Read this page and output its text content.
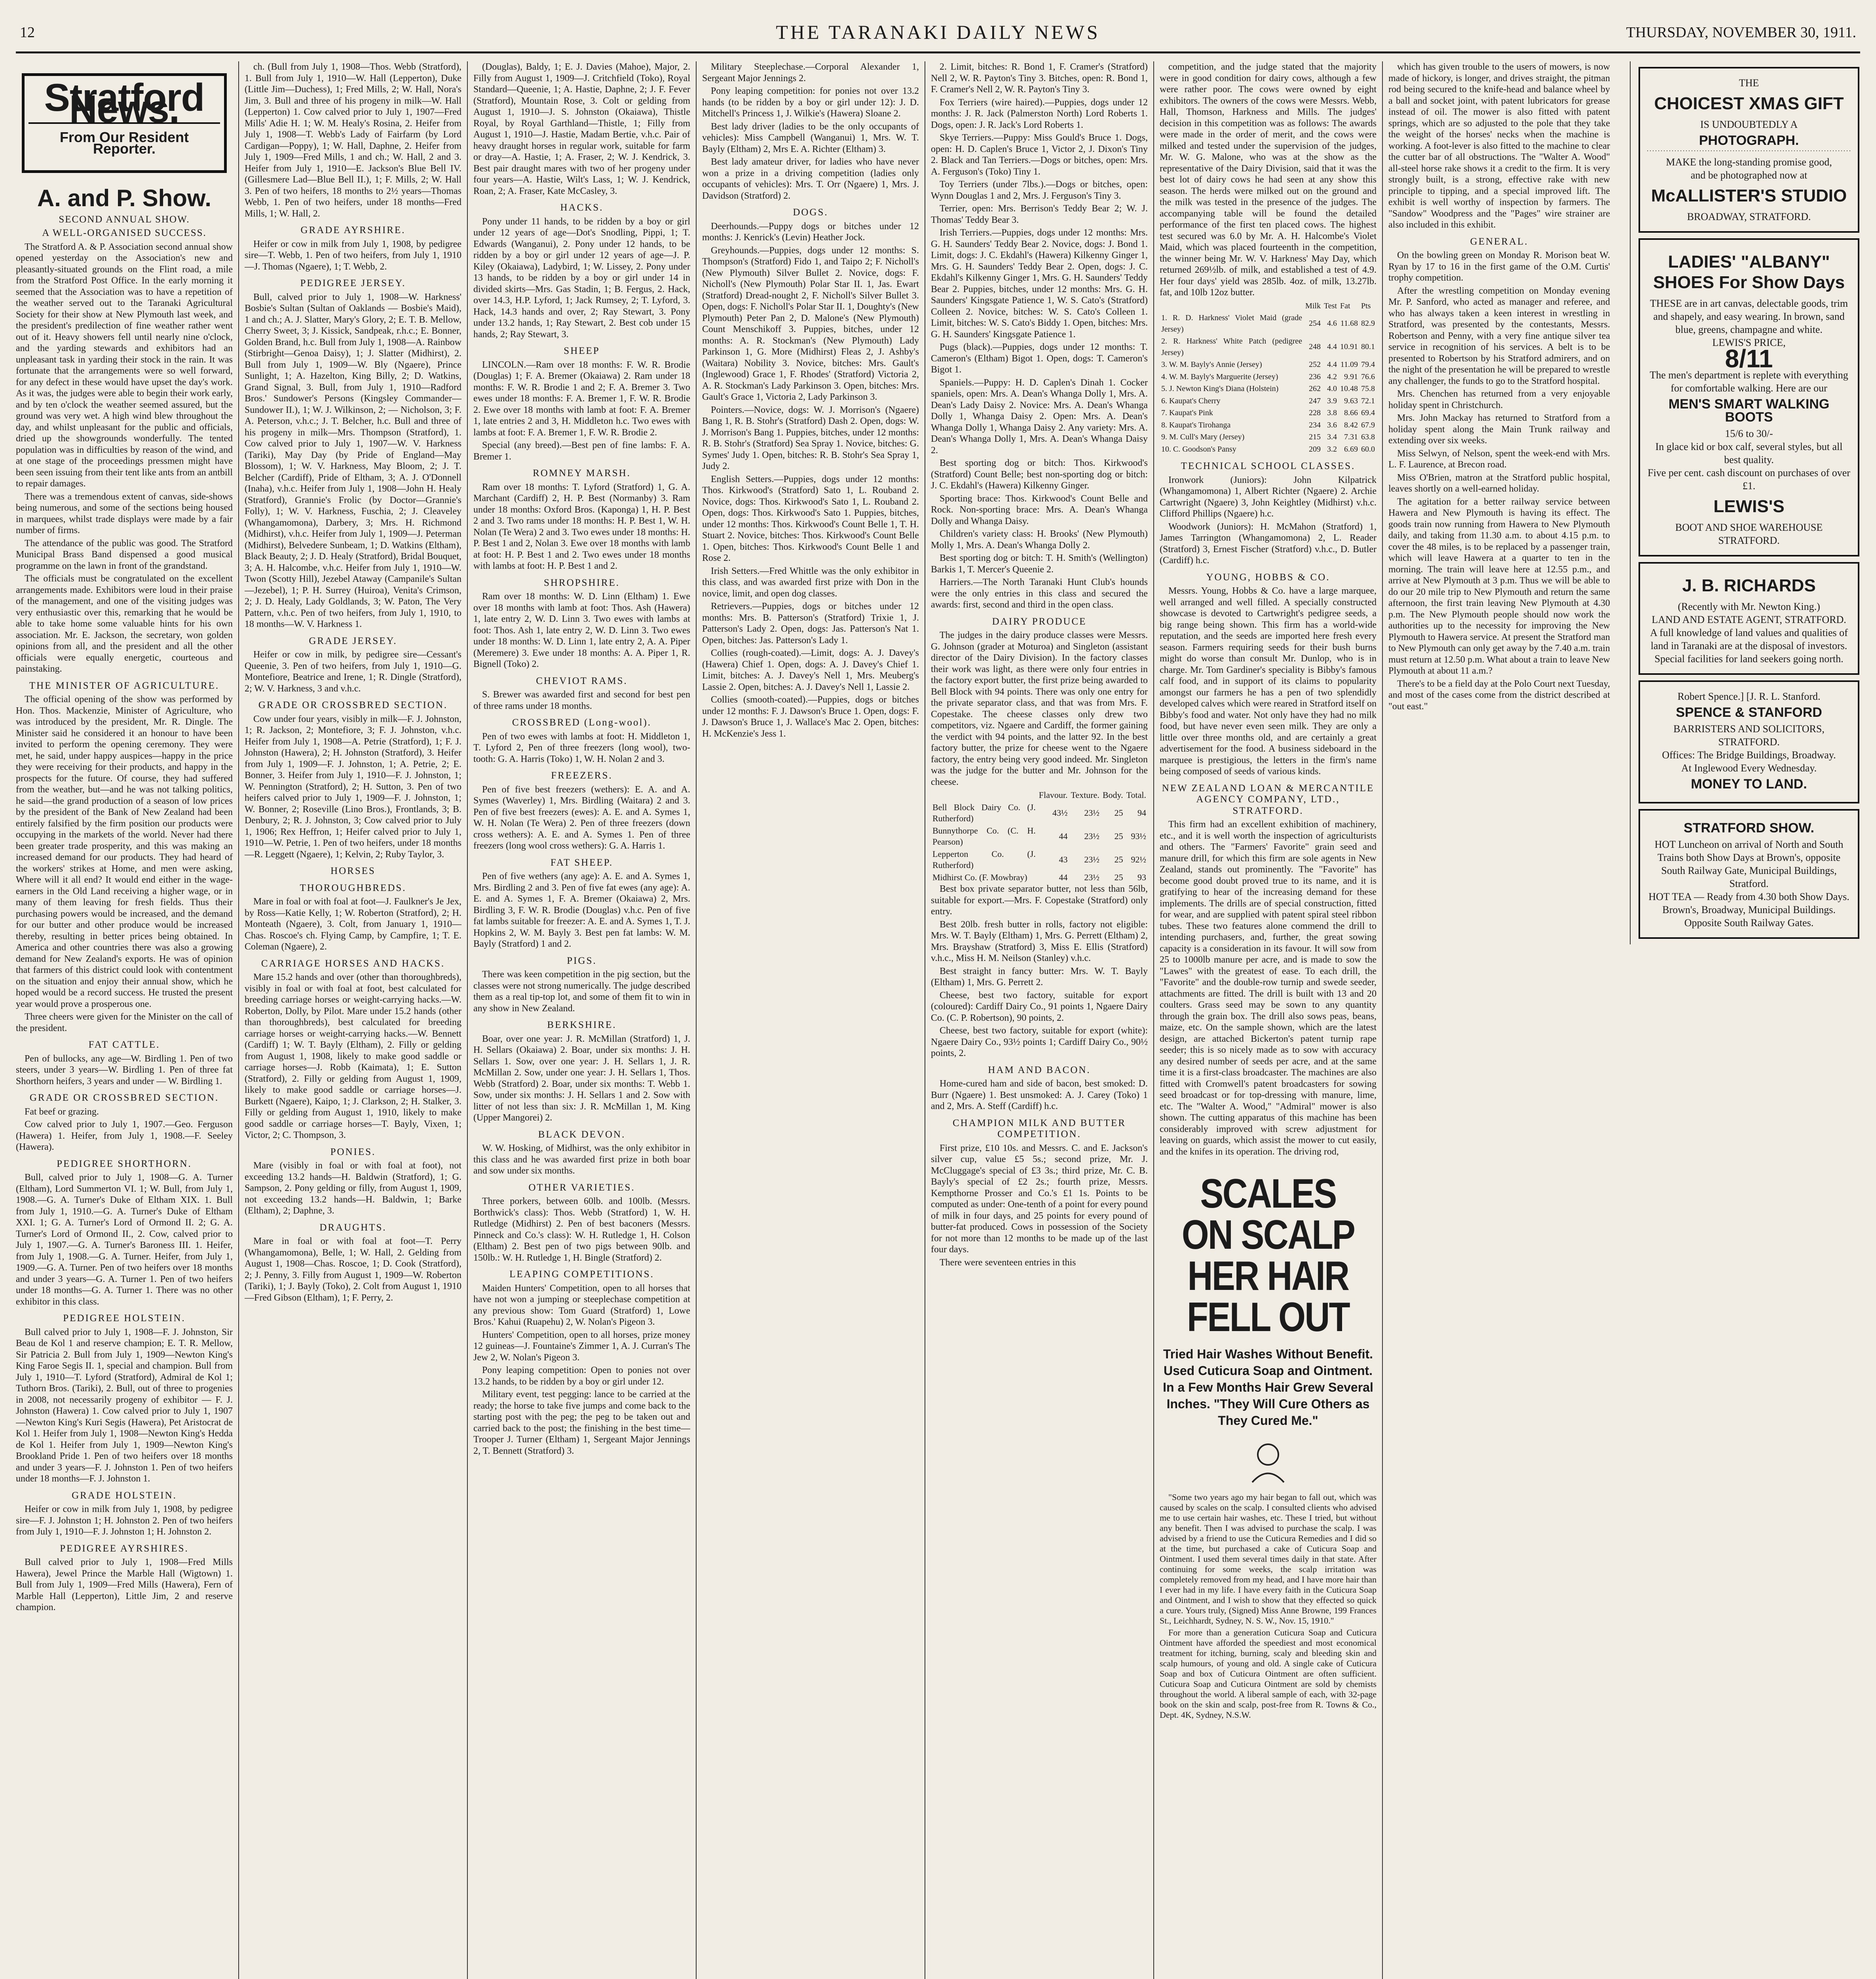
12	THE TARANAKI DAILY NEWS	THURSDAY, NOVEMBER 30, 1911.
Stratford News.
From Our Resident Reporter.
A. and P. Show.
SECOND ANNUAL SHOW.
A WELL-ORGANISED SUCCESS.

The Stratford A. & P. Association second annual show opened yesterday on the Association's new and pleasantly-situated grounds on the Flint road, a mile from the Stratford Post Office. In the early morning it seemed that the Association was to have a repetition of the weather served out to the Taranaki Agricultural Society for their show at New Plymouth last week, and the president's predilection of fine weather rather went out of it. Heavy showers fell until nearly nine o'clock, and the yarding stewards and exhibitors had an unpleasant task in yarding their stock in the rain. It was fortunate that the arrangements were so well forward, for any defect in these would have upset the day's work. As it was, the judges were able to begin their work early, and by ten o'clock the weather seemed assured, but the ground was very wet. A high wind blew throughout the day, and whilst unpleasant for the public and officials, dried up the showgrounds wonderfully. The tented population was in difficulties by reason of the wind, and at one stage of the proceedings pressmen might have been seen issuing from their tent like ants from an antbill to repair damages.

There was a tremendous extent of canvas, side-shows being numerous, and some of the sections being housed in marquees, whilst trade displays were made by a fair number of firms.

The attendance of the public was good. The Stratford Municipal Brass Band dispensed a good musical programme on the lawn in front of the grandstand.

The officials must be congratulated on the excellent arrangements made. Exhibitors were loud in their praise of the management, and one of the visiting judges was very enthusiastic over this, remarking that he would be able to take home some valuable hints for his own association. Mr. E. Jackson, the secretary, won golden opinions from all, and the president and all the other officials were equally energetic, courteous and painstaking.

THE MINISTER OF AGRICULTURE.

The official opening of the show was performed by Hon. Thos. Mackenzie, Minister of Agriculture, who was introduced by the president, Mr. R. Dingle. The Minister said he considered it an honour to have been invited to perform the opening ceremony. They were met, he said, under happy auspices—happy in the price they were receiving for their products, and happy in the prospects for the future. Of course, they had suffered from the weather, but—and he was not talking politics, he said—the grand production of a season of low prices by the president of the Bank of New Zealand had been entirely falsified by the firm position our products were occupying in the markets of the world. Never had there been greater trade prosperity, and this was making an increased demand for our products. They had heard of the workers' strikes at Home, and men were asking, Where will it all end? It would end either in the wage-earners in the Old Land receiving a higher wage, or in many of them leaving for fresh fields. Thus their purchasing powers would be increased, and the demand for our butter and other produce would be increased thereby, resulting in better prices being obtained. In America and other countries there was also a growing demand for New Zealand's exports. He was of opinion that farmers of this district could look with contentment on the situation and enjoy their annual show, which he hoped would be a record success. He trusted the present year would prove a prosperous one.

Three cheers were given for the Minister on the call of the president.

FAT CATTLE.

Pen of bullocks, any age—W. Birdling 1. Pen of two steers, under 3 years—W. Birdling 1. Pen of three fat Shorthorn heifers, 3 years and under — W. Birdling 1.

GRADE OR CROSSBRED SECTION.

Fat beef or grazing.

Cow calved prior to July 1, 1907.—Geo. Ferguson (Hawera) 1. Heifer, from July 1, 1908.—F. Seeley (Hawera).

PEDIGREE SHORTHORN.

Bull, calved prior to July 1, 1908—G. A. Turner (Eltham), Lord Summerton VI. 1; W. Bull, from July 1, 1908.—G. A. Turner's Duke of Eltham XIX. 1. Bull from July 1, 1910.—G. A. Turner's Duke of Eltham XXI. 1; G. A. Turner's Lord of Ormond II. 2; G. A. Turner's Lord of Ormond II., 2. Cow, calved prior to July 1, 1907.—G. A. Turner's Baroness III. 1. Heifer, from July 1, 1908.—G. A. Turner. Heifer, from July 1, 1909.—G. A. Turner. Pen of two heifers over 18 months and under 3 years—G. A. Turner 1. Pen of two heifers under 18 months—G. A. Turner 1. There was no other exhibitor in this class.

PEDIGREE HOLSTEIN.

Bull calved prior to July 1, 1908—F. J. Johnston, Sir Beau de Kol 1 and reserve champion; E. T. R. Mellow, Sir Patricia 2. Bull from July 1, 1909—Newton King's King Faroe Segis II. 1, special and champion. Bull from July 1, 1910—T. Lyford (Stratford), Admiral de Kol 1; Tuthorn Bros. (Tariki), 2. Bull, out of three to progenies in 2008, not necessarily progeny of exhibitor — F. J. Johnston (Hawera) 1. Cow calved prior to July 1, 1907—Newton King's Kuri Segis (Hawera), Pet Aristocrat de Kol 1. Heifer from July 1, 1908—Newton King's Hedda de Kol 1. Heifer from July 1, 1909—Newton King's Brookland Pride 1. Pen of two heifers over 18 months and under 3 years—F. J. Johnston 1. Pen of two heifers under 18 months—F. J. Johnston 1.

GRADE HOLSTEIN.

Heifer or cow in milk from July 1, 1908, by pedigree sire—F. J. Johnston 1; H. Johnston 2. Pen of two heifers from July 1, 1910—F. J. Johnston 1; H. Johnston 2.

PEDIGREE AYRSHIRES.

Bull calved prior to July 1, 1908—Fred Mills Hawera), Jewel Prince the Marble Hall (Wigtown) 1. Bull from July 1, 1909—Fred Mills (Hawera), Fern of Marble Hall (Lepperton), Little Jim, 2 and reserve champion.

ch. (Bull from July 1, 1908—Thos. Webb (Stratford), 1. Bull from July 1, 1910—W. Hall (Lepperton), Duke (Little Jim—Duchess), 1; Fred Mills, 2; W. Hall, Nora's Jim, 3. Bull and three of his progeny in milk—W. Hall (Lepperton) 1. Cow calved prior to July 1, 1907—Fred Mills' Adie H. 1; W. M. Healy's Rosina, 2. Heifer from July 1, 1908—T. Webb's Lady of Fairfarm (by Lord Cardigan—Poppy), 1; W. Hall, Daphne, 2. Heifer from July 1, 1909—Fred Mills, 1 and ch.; W. Hall, 2 and 3. Heifer from July 1, 1910—E. Jackson's Blue Bell IV. (Gillesmere Lad—Blue Bell II.), 1; F. Mills, 2; W. Hall 3. Pen of two heifers, 18 months to 2½ years—Thomas Webb, 1. Pen of two heifers, under 18 months—Fred Mills, 1; W. Hall, 2.

GRADE AYRSHIRE.

Heifer or cow in milk from July 1, 1908, by pedigree sire—T. Webb, 1. Pen of two heifers, from July 1, 1910—J. Thomas (Ngaere), 1; T. Webb, 2.

PEDIGREE JERSEY.

Bull, calved prior to July 1, 1908—W. Harkness' Bosbie's Sultan (Sultan of Oaklands — Bosbie's Maid), 1 and ch.; A. J. Slatter, Mary's Glory, 2; E. T. B. Mellow, Cherry Sweet, 3; J. Kissick, Sandpeak, r.h.c.; E. Bonner, Golden Brand, h.c. Bull from July 1, 1908—A. Rainbow (Stirbright—Genoa Daisy), 1; J. Slatter (Midhirst), 2. Bull from July 1, 1909—W. Bly (Ngaere), Prince Sunlight, 1; A. Hazelton, King Billy, 2; D. Watkins, Grand Signal, 3. Bull, from July 1, 1910—Radford Bros.' Sundower's Persons (Kingsley Commander—Sundower II.), 1; W. J. Wilkinson, 2; — Nicholson, 3; F. A. Peterson, v.h.c.; J. T. Belcher, h.c. Bull and three of his progeny in milk—Mrs. Thompson (Stratford), 1. Cow calved prior to July 1, 1907—W. V. Harkness (Tariki), May Day (by Pride of England—May Blossom), 1; W. V. Harkness, May Bloom, 2; J. T. Belcher (Cardiff), Pride of Eltham, 3; A. J. O'Donnell (Inaha), v.h.c. Heifer from July 1, 1908—John H. Healy (Stratford), Grannie's Frolic (by Doctor—Grannie's Folly), 1; W. V. Harkness, Fuschia, 2; J. Cleaveley (Whangamomona), Darbery, 3; Mrs. H. Richmond (Midhirst), v.h.c. Heifer from July 1, 1909—J. Peterman (Midhirst), Belvedere Sunbeam, 1; D. Watkins (Eltham), Black Beauty, 2; J. D. Healy (Stratford), Bridal Bouquet, 3; A. H. Halcombe, v.h.c. Heifer from July 1, 1910—W. Twon (Scotty Hill), Jezebel Ataway (Campanile's Sultan—Jezebel), 1; P. H. Surrey (Huiroa), Venita's Crimson, 2; J. D. Healy, Lady Goldlands, 3; W. Paton, The Very Pattern, v.h.c. Pen of two heifers, from July 1, 1910, to 18 months—W. V. Harkness 1.

GRADE JERSEY.

Heifer or cow in milk, by pedigree sire—Cessant's Queenie, 3. Pen of two heifers, from July 1, 1910—G. Montefiore, Beatrice and Irene, 1; R. Dingle (Stratford), 2; W. V. Harkness, 3 and v.h.c.

GRADE OR CROSSBRED SECTION.

Cow under four years, visibly in milk—F. J. Johnston, 1; R. Jackson, 2; Montefiore, 3; F. J. Johnston, v.h.c. Heifer from July 1, 1908—A. Petrie (Stratford), 1; F. J. Johnston (Hawera), 2; H. Johnston (Stratford), 3. Heifer from July 1, 1909—F. J. Johnston, 1; A. Petrie, 2; E. Bonner, 3. Heifer from July 1, 1910—F. J. Johnston, 1; W. Pennington (Stratford), 2; H. Sutton, 3. Pen of two heifers calved prior to July 1, 1909—F. J. Johnston, 1; W. Bonner, 2; Roseville (Lino Bros.), Frontlands, 3; B. Denbury, 2; R. J. Johnston, 3; Cow calved prior to July 1, 1906; Rex Heffron, 1; Heifer calved prior to July 1, 1910—W. Petrie, 1. Pen of two heifers, under 18 months—R. Leggett (Ngaere), 1; Kelvin, 2; Ruby Taylor, 3.

HORSES
THOROUGHBREDS.

Mare in foal or with foal at foot—J. Faulkner's Je Jex, by Ross—Katie Kelly, 1; W. Roberton (Stratford), 2; H. Monteath (Ngaere), 3. Colt, from January 1, 1910—Chas. Roscoe's ch. Flying Camp, by Campfire, 1; T. E. Coleman (Ngaere), 2.

CARRIAGE HORSES AND HACKS.

Mare 15.2 hands and over (other than thoroughbreds), visibly in foal or with foal at foot, best calculated for breeding carriage horses or weight-carrying hacks.—W. Roberton, Dolly, by Pilot. Mare under 15.2 hands (other than thoroughbreds), best calculated for breeding carriage horses or weight-carrying hacks.—W. Bennett (Cardiff) 1; W. T. Bayly (Eltham), 2. Filly or gelding from August 1, 1908, likely to make good saddle or carriage horses—J. Robb (Kaimata), 1; E. Sutton (Stratford), 2. Filly or gelding from August 1, 1909, likely to make good saddle or carriage horses—J. Burkett (Ngaere), Kaipo, 1; J. Clarkson, 2; H. Stalker, 3. Filly or gelding from August 1, 1910, likely to make good saddle or carriage horses—T. Bayly, Vixen, 1; Victor, 2; C. Thompson, 3.

PONIES.

Mare (visibly in foal or with foal at foot), not exceeding 13.2 hands—H. Baldwin (Stratford), 1; G. Sampson, 2. Pony gelding or filly, from August 1, 1909, not exceeding 13.2 hands—H. Baldwin, 1; Barke (Eltham), 2; Daphne, 3.

DRAUGHTS.

Mare in foal or with foal at foot—T. Perry (Whangamomona), Belle, 1; W. Hall, 2. Gelding from August 1, 1908—Chas. Roscoe, 1; D. Cook (Stratford), 2; J. Penny, 3. Filly from August 1, 1909—W. Roberton (Tariki), 1; J. Bayly (Toko), 2. Colt from August 1, 1910—Fred Gibson (Eltham), 1; F. Perry, 2.

(Douglas), Baldy, 1; E. J. Davies (Mahoe), Major, 2. Filly from August 1, 1909—J. Critchfield (Toko), Royal Standard—Queenie, 1; A. Hastie, Daphne, 2; J. F. Fever (Stratford), Mountain Rose, 3. Colt or gelding from August 1, 1910—J. S. Johnston (Okaiawa), Thistle Royal, by Royal Garthland—Thistle, 1; Filly from August 1, 1910—J. Hastie, Madam Bertie, v.h.c. Pair of heavy draught horses in regular work, suitable for farm or dray—A. Hastie, 1; A. Fraser, 2; W. J. Kendrick, 3. Best pair draught mares with two of her progeny under four years—A. Hastie, Wilt's Lass, 1; W. J. Kendrick, Roan, 2; A. Fraser, Kate McCasley, 3.

HACKS.

Pony under 11 hands, to be ridden by a boy or girl under 12 years of age—Dot's Snodling, Pippi, 1; T. Edwards (Wanganui), 2. Pony under 12 hands, to be ridden by a boy or girl under 12 years of age—J. P. Kiley (Okaiawa), Ladybird, 1; W. Lissey, 2. Pony under 13 hands, to be ridden by a boy or girl under 14 in divided skirts—Mrs. Gas Stadin, 1; B. Fergus, 2. Hack, over 14.3, H.P. Lyford, 1; Jack Rumsey, 2; T. Lyford, 3. Hack, 14.3 hands and over, 2; Ray Stewart, 3. Pony under 13.2 hands, 1; Ray Stewart, 2. Best cob under 15 hands, 2; Ray Stewart, 3.

SHEEP

LINCOLN.—Ram over 18 months: F. W. R. Brodie (Douglas) 1; F. A. Bremer (Okaiawa) 2. Ram under 18 months: F. W. R. Brodie 1 and 2; F. A. Bremer 3. Two ewes under 18 months: F. A. Bremer 1, F. W. R. Brodie 2. Ewe over 18 months with lamb at foot: F. A. Bremer 1, late entries 2 and 3, H. Middleton h.c. Two ewes with lambs at foot: F. A. Bremer 1, F. W. R. Brodie 2.

Special (any breed).—Best pen of fine lambs: F. A. Bremer 1.

ROMNEY MARSH.

Ram over 18 months: T. Lyford (Stratford) 1, G. A. Marchant (Cardiff) 2, H. P. Best (Normanby) 3. Ram under 18 months: Oxford Bros. (Kaponga) 1, H. P. Best 2 and 3. Two rams under 18 months: H. P. Best 1, W. H. Nolan (Te Wera) 2 and 3. Two ewes under 18 months: H. P. Best 1 and 2, Nolan 3. Ewe over 18 months with lamb at foot: H. P. Best 1 and 2. Two ewes under 18 months with lambs at foot: H. P. Best 1 and 2.

SHROPSHIRE.

Ram over 18 months: W. D. Linn (Eltham) 1. Ewe over 18 months with lamb at foot: Thos. Ash (Hawera) 1, late entry 2, W. D. Linn 3. Two ewes with lambs at foot: Thos. Ash 1, late entry 2, W. D. Linn 3. Two ewes under 18 months: W. D. Linn 1, late entry 2, A. A. Piper (Meremere) 3. Ewe under 18 months: A. A. Piper 1, R. Bignell (Toko) 2.

CHEVIOT RAMS.

S. Brewer was awarded first and second for best pen of three rams under 18 months.

CROSSBRED (Long-wool).

Pen of two ewes with lambs at foot: H. Middleton 1, T. Lyford 2, Pen of three freezers (long wool), two-tooth: G. A. Harris (Toko) 1, W. H. Nolan 2 and 3.

FREEZERS.

Pen of five best freezers (wethers): E. A. and A. Symes (Waverley) 1, Mrs. Birdling (Waitara) 2 and 3. Pen of five best freezers (ewes): A. E. and A. Symes 1, W. H. Nolan (Te Wera) 2. Pen of three freezers (down cross wethers): A. E. and A. Symes 1. Pen of three freezers (long wool cross wethers): G. A. Harris 1.

FAT SHEEP.

Pen of five wethers (any age): A. E. and A. Symes 1, Mrs. Birdling 2 and 3. Pen of five fat ewes (any age): A. E. and A. Symes 1, F. A. Bremer (Okaiawa) 2, Mrs. Birdling 3, F. W. R. Brodie (Douglas) v.h.c. Pen of five fat lambs suitable for freezer: A. E. and A. Symes 1, T. J. Hopkins 2, W. M. Bayly 3. Best pen fat lambs: W. M. Bayly (Stratford) 1 and 2.

PIGS.

There was keen competition in the pig section, but the classes were not strong numerically. The judge described them as a real tip-top lot, and some of them fit to win in any show in New Zealand.

BERKSHIRE.

Boar, over one year: J. R. McMillan (Stratford) 1, J. H. Sellars (Okaiawa) 2. Boar, under six months: J. H. Sellars 1. Sow, over one year: J. H. Sellars 1, J. R. McMillan 2. Sow, under one year: J. H. Sellars 1, Thos. Webb (Stratford) 2. Boar, under six months: T. Webb 1. Sow, under six months: J. H. Sellars 1 and 2. Sow with litter of not less than six: J. R. McMillan 1, M. King (Upper Mangorei) 2.

BLACK DEVON.

W. W. Hosking, of Midhirst, was the only exhibitor in this class and he was awarded first prize in both boar and sow under six months.

OTHER VARIETIES.

Three porkers, between 60lb. and 100lb. (Messrs. Borthwick's class): Thos. Webb (Stratford) 1, W. H. Rutledge (Midhirst) 2. Pen of best baconers (Messrs. Pinneck and Co.'s class): W. H. Rutledge 1, H. Colson (Eltham) 2. Best pen of two pigs between 90lb. and 150lb.: W. H. Rutledge 1, H. Bingle (Stratford) 2.

LEAPING COMPETITIONS.

Maiden Hunters' Competition, open to all horses that have not won a jumping or steeplechase competition at any previous show: Tom Guard (Stratford) 1, Lowe Bros.' Kahui (Ruapehu) 2, W. Nolan's Pigeon 3.

Hunters' Competition, open to all horses, prize money 12 guineas—J. Fountaine's Zimmer 1, A. J. Curran's The Jew 2, W. Nolan's Pigeon 3.

Pony leaping competition: Open to ponies not over 13.2 hands, to be ridden by a boy or girl under 12.

Military event, test pegging: lance to be carried at the ready; the horse to take five jumps and come back to the starting post with the peg; the peg to be taken out and carried back to the post; the finishing in the best time—Trooper J. Turner (Eltham) 1, Sergeant Major Jennings 2, T. Bennett (Stratford) 3.

Military Steeplechase.—Corporal Alexander 1, Sergeant Major Jennings 2.

Pony leaping competition: for ponies not over 13.2 hands (to be ridden by a boy or girl under 12): J. D. Mitchell's Princess 1, J. Wilkie's (Hawera) Sloane 2.

Best lady driver (ladies to be the only occupants of vehicles): Miss Campbell (Wanganui) 1, Mrs. W. T. Bayly (Eltham) 2, Mrs E. A. Richter (Eltham) 3.

Best lady amateur driver, for ladies who have never won a prize in a driving competition (ladies only occupants of vehicles): Mrs. T. Orr (Ngaere) 1, Mrs. J. Davidson (Stratford) 2.

DOGS.

Deerhounds.—Puppy dogs or bitches under 12 months: J. Kenrick's (Levin) Heather Jock.

Greyhounds.—Puppies, dogs under 12 months: S. Thompson's (Stratford) Fido 1, and Taipo 2; F. Nicholl's (New Plymouth) Silver Bullet 2. Novice, dogs: F. Nicholl's (New Plymouth) Polar Star II. 1, Jas. Ewart (Stratford) Dread-nought 2, F. Nicholl's Silver Bullet 3. Open, dogs: F. Nicholl's Polar Star II. 1, Doughty's (New Plymouth) Peter Pan 2, D. Malone's (New Plymouth) Count Menschikoff 3. Puppies, bitches, under 12 months: A. R. Stockman's (New Plymouth) Lady Parkinson 1, G. More (Midhirst) Fleas 2, J. Ashby's (Waitara) Nobility 3. Novice, bitches: Mrs. Gault's (Inglewood) Grace 1, F. Rhodes' (Stratford) Victoria 2, A. R. Stockman's Lady Parkinson 3. Open, bitches: Mrs. Gault's Grace 1, Victoria 2, Lady Parkinson 3.

Pointers.—Novice, dogs: W. J. Morrison's (Ngaere) Bang 1, R. B. Stohr's (Stratford) Dash 2. Open, dogs: W. J. Morrison's Bang 1. Puppies, bitches, under 12 months: R. B. Stohr's (Stratford) Sea Spray 1. Novice, bitches: G. Symes' Judy 1. Open, bitches: R. B. Stohr's Sea Spray 1, Judy 2.

English Setters.—Puppies, dogs under 12 months: Thos. Kirkwood's (Stratford) Sato 1, L. Rouband 2. Novice, dogs: Thos. Kirkwood's Sato 1, L. Rouband 2. Open, dogs: Thos. Kirkwood's Sato 1. Puppies, bitches, under 12 months: Thos. Kirkwood's Count Belle 1, T. H. Stuart 2. Novice, bitches: Thos. Kirkwood's Count Belle 1. Open, bitches: Thos. Kirkwood's Count Belle 1 and Rose 2.

Irish Setters.—Fred Whittle was the only exhibitor in this class, and was awarded first prize with Don in the novice, limit, and open dog classes.

Retrievers.—Puppies, dogs or bitches under 12 months: Mrs. B. Patterson's (Stratford) Trixie 1, J. Patterson's Lady 2. Open, dogs: Jas. Patterson's Nat 1. Open, bitches: Jas. Patterson's Lady 1.

Collies (rough-coated).—Limit, dogs: A. J. Davey's (Hawera) Chief 1. Open, dogs: A. J. Davey's Chief 1. Limit, bitches: A. J. Davey's Nell 1, Mrs. Meuberg's Lassie 2. Open, bitches: A. J. Davey's Nell 1, Lassie 2.

Collies (smooth-coated).—Puppies, dogs or bitches under 12 months: F. J. Dawson's Bruce 1. Open, dogs: F. J. Dawson's Bruce 1, J. Wallace's Mac 2. Open, bitches: H. McKenzie's Jess 1.

2. Limit, bitches: R. Bond 1, F. Cramer's (Stratford) Nell 2, W. R. Payton's Tiny 3. Bitches, open: R. Bond 1, F. Cramer's Nell 2, W. R. Payton's Tiny 3.

Fox Terriers (wire haired).—Puppies, dogs under 12 months: J. R. Jack (Palmerston North) Lord Roberts 1. Dogs, open: J. R. Jack's Lord Roberts 1.

Skye Terriers.—Puppy: Miss Gould's Bruce 1. Dogs, open: H. D. Caplen's Bruce 1, Victor 2, J. Dixon's Tiny 2. Black and Tan Terriers.—Dogs or bitches, open: Mrs. A. Ferguson's (Toko) Tiny 1.

Toy Terriers (under 7lbs.).—Dogs or bitches, open: Wynn Douglas 1 and 2, Mrs. J. Ferguson's Tiny 3.

Terrier, open: Mrs. Berrison's Teddy Bear 2; W. J. Thomas' Teddy Bear 3.

Irish Terriers.—Puppies, dogs under 12 months: Mrs. G. H. Saunders' Teddy Bear 2. Novice, dogs: J. Bond 1. Limit, dogs: J. C. Ekdahl's (Hawera) Kilkenny Ginger 1, Mrs. G. H. Saunders' Teddy Bear 2. Open, dogs: J. C. Ekdahl's Kilkenny Ginger 1, Mrs. G. H. Saunders' Teddy Bear 2. Puppies, bitches, under 12 months: Mrs. G. H. Saunders' Kingsgate Patience 1, W. S. Cato's (Stratford) Colleen 2. Novice, bitches: W. S. Cato's Colleen 1. Limit, bitches: W. S. Cato's Biddy 1. Open, bitches: Mrs. G. H. Saunders' Kingsgate Patience 1.

Pugs (black).—Puppies, dogs under 12 months: T. Cameron's (Eltham) Bigot 1. Open, dogs: T. Cameron's Bigot 1.

Spaniels.—Puppy: H. D. Caplen's Dinah 1. Cocker spaniels, open: Mrs. A. Dean's Whanga Dolly 1, Mrs. A. Dean's Lady Daisy 2. Novice: Mrs. A. Dean's Whanga Dolly 1, Whanga Daisy 2. Open: Mrs. A. Dean's Whanga Dolly 1, Whanga Daisy 2. Any variety: Mrs. A. Dean's Whanga Dolly 1, Mrs. A. Dean's Whanga Daisy 2.

Best sporting dog or bitch: Thos. Kirkwood's (Stratford) Count Belle; best non-sporting dog or bitch: J. C. Ekdahl's (Hawera) Kilkenny Ginger.

Sporting brace: Thos. Kirkwood's Count Belle and Rock. Non-sporting brace: Mrs. A. Dean's Whanga Dolly and Whanga Daisy.

Children's variety class: H. Brooks' (New Plymouth) Molly 1, Mrs. A. Dean's Whanga Dolly 2.

Best sporting dog or bitch: T. H. Smith's (Wellington) Barkis 1, T. Mercer's Queenie 2.

Harriers.—The North Taranaki Hunt Club's hounds were the only entries in this class and secured the awards: first, second and third in the open class.

DAIRY PRODUCE

The judges in the dairy produce classes were Messrs. G. Johnson (grader at Moturoa) and Singleton (assistant director of the Dairy Division). In the factory classes their work was light, as there were only four entries in the factory export butter, the first prize being awarded to Bell Block with 94 points. There was only one entry for the private separator class, and that was from Mrs. F. Copestake. The cheese classes only drew two competitors, viz. Ngaere and Cardiff, the former gaining the verdict with 94 points, and the latter 92. In the best factory butter, the prize for cheese went to the Ngaere factory, the entry being very good indeed. Mr. Singleton was the judge for the butter and Mr. Johnson for the cheese.

	Flavour.	Texture.	Body.	Total.
Bell Block Dairy Co. (J. Rutherford)	43½	23½	25	94
Bunnythorpe Co. (C. H. Pearson)	44	23½	25	93½
Lepperton Co. (J. Rutherford)	43	23½	25	92½
Midhirst Co. (F. Mowbray)	44	23½	25	93

Best box private separator butter, not less than 56lb, suitable for export.—Mrs. F. Copestake (Stratford) only entry.

Best 20lb. fresh butter in rolls, factory not eligible: Mrs. W. T. Bayly (Eltham) 1, Mrs. G. Perrett (Eltham) 2, Mrs. Brayshaw (Stratford) 3, Miss E. Ellis (Stratford) v.h.c., Miss H. M. Neilson (Stanley) v.h.c.

Best straight in fancy butter: Mrs. W. T. Bayly (Eltham) 1, Mrs. G. Perrett 2.

Cheese, best two factory, suitable for export (coloured): Cardiff Dairy Co., 91 points 1, Ngaere Dairy Co. (C. P. Robertson), 90 points, 2.

Cheese, best two factory, suitable for export (white): Ngaere Dairy Co., 93½ points 1; Cardiff Dairy Co., 90½ points, 2.

HAM AND BACON.

Home-cured ham and side of bacon, best smoked: D. Burr (Ngaere) 1. Best unsmoked: A. J. Carey (Toko) 1 and 2, Mrs. A. Steff (Cardiff) h.c.

CHAMPION MILK AND BUTTER COMPETITION.

First prize, £10 10s. and Messrs. C. and E. Jackson's silver cup, value £5 5s.; second prize, Mr. J. McCluggage's special of £3 3s.; third prize, Mr. C. B. Bayly's special of £2 2s.; fourth prize, Messrs. Kempthorne Prosser and Co.'s £1 1s. Points to be computed as under: One-tenth of a point for every pound of milk in four days, and 25 points for every pound of butter-fat produced. Cows in possession of the Society for not more than 12 months to be made up of the last four days.

There were seventeen entries in this

competition, and the judge stated that the majority were in good condition for dairy cows, although a few were rather poor. The cows were owned by eight exhibitors. The owners of the cows were Messrs. Webb, Hall, Thomson, Harkness and Mills. The judges' decision in this competition was as follows: The awards were made in the order of merit, and the cows were milked and tested under the supervision of the judges, Mr. W. G. Malone, who was at the show as the representative of the Dairy Division, said that it was the best lot of dairy cows he had seen at any show this season. The herds were milked out on the ground and the milk was tested in the presence of the judges. The accompanying table will be found the detailed performance of the first ten placed cows. The highest test secured was 6.0 by Mr. A. H. Halcombe's Violet Maid, which was placed fourteenth in the competition, the winner being Mr. W. V. Harkness' May Day, which returned 269½lb. of milk, and established a test of 4.9. Her four days' yield was 285lb. 4oz. of milk, 13.27lb. fat, and 10lb 12oz butter.

	Milk	Test	Fat	Pts
1. R. D. Harkness' Violet Maid (grade Jersey)	254	4.6	11.68	82.9
2. R. Harkness' White Patch (pedigree Jersey)	248	4.4	10.91	80.1
3. W. M. Bayly's Annie (Jersey)	252	4.4	11.09	79.4
4. W. M. Bayly's Marguerite (Jersey)	236	4.2	9.91	76.6
5. J. Newton King's Diana (Holstein)	262	4.0	10.48	75.8
6. Kaupat's Cherry	247	3.9	9.63	72.1
7. Kaupat's Pink	228	3.8	8.66	69.4
8. Kaupat's Tirohanga	234	3.6	8.42	67.9
9. M. Cull's Mary (Jersey)	215	3.4	7.31	63.8
10. C. Goodson's Pansy	209	3.2	6.69	60.0
TECHNICAL SCHOOL CLASSES.

Ironwork (Juniors): John Kilpatrick (Whangamomona) 1, Albert Richter (Ngaere) 2. Archie Cartwright (Ngaere) 3, John Keightley (Midhirst) v.h.c. Clifford Phillips (Ngaere) h.c.

Woodwork (Juniors): H. McMahon (Stratford) 1, James Tarrington (Whangamomona) 2, L. Reader (Stratford) 3, Ernest Fischer (Stratford) v.h.c., D. Butler (Cardiff) h.c.

YOUNG, HOBBS & CO.

Messrs. Young, Hobbs & Co. have a large marquee, well arranged and well filled. A specially constructed showcase is devoted to Cartwright's pedigree seeds, a big range being shown. This firm has a world-wide reputation, and the seeds are imported here fresh every season. Farmers requiring seeds for their bush burns might do worse than consult Mr. Dunlop, who is in charge. Mr. Tom Gardiner's speciality is Bibby's famous calf food, and in support of its claims to popularity amongst our farmers he has a pen of two splendidly developed calves which were reared in Stratford itself on Bibby's food and water. Not only have they had no milk food, but have never even seen milk. They are only a little over three months old, and are certainly a great advertisement for the food. A business sideboard in the marquee is prestigious, the letters in the firm's name being composed of seeds of various kinds.

NEW ZEALAND LOAN & MERCANTILE AGENCY COMPANY, LTD., STRATFORD.

This firm had an excellent exhibition of machinery, etc., and it is well worth the inspection of agriculturists and others. The "Farmers' Favorite" grain seed and manure drill, for which this firm are sole agents in New Zealand, stands out prominently. The "Favorite" has become good doubt proved true to its name, and it is gratifying to hear of the increasing demand for these implements. The drills are of special construction, fitted for wear, and are supplied with patent spiral steel ribbon tubes. These two features alone commend the drill to intending purchasers, and, further, the great sowing capacity is a consideration in its favour. It will sow from 25 to 1000lb manure per acre, and is made to sow the "Lawes" with the greatest of ease. To each drill, the "Favorite" and the double-row turnip and swede seeder, attachments are fitted. The drill is built with 13 and 20 coulters. Grass seed may be sown to any quantity through the grain box. The drill also sows peas, beans, maize, etc. On the sample shown, which are the latest design, are attached Bickerton's patent turnip rape seeder; this is so nicely made as to sow with accuracy any desired number of seeds per acre, and at the same time it is a first-class broadcaster. The machines are also fitted with Cromwell's patent broadcasters for sowing seed broadcast or for top-dressing with manure, lime, etc. The "Walter A. Wood," "Admiral" mower is also shown. The cutting apparatus of this machine has been considerably improved with screw adjustment for leaving on guards, which assist the mower to cut easily, and the knifes in its operation. The driving rod,

SCALES ON SCALP HER HAIR FELL OUT
Tried Hair Washes Without Benefit. Used Cuticura Soap and Ointment. In a Few Months Hair Grew Several Inches. "They Will Cure Others as They Cured Me."

"Some two years ago my hair began to fall out, which was caused by scales on the scalp. I consulted clients who advised me to use certain hair washes, etc. These I tried, but without any benefit. Then I was advised to purchase the scalp. I was advised by a friend to use the Cuticura Remedies and I did so at the time, but purchased a cake of Cuticura Soap and Ointment. I used them several times daily in that state. After continuing for some weeks, the scalp irritation was completely removed from my head, and I have more hair than I ever had in my life. I have every faith in the Cuticura Soap and Ointment, and I wish to show that they effected so quick a cure. Yours truly, (Signed) Miss Anne Browne, 199 Frances St., Leichhardt, Sydney, N. S. W., Nov. 15, 1910."

For more than a generation Cuticura Soap and Cuticura Ointment have afforded the speediest and most economical treatment for itching, burning, scaly and bleeding skin and scalp humours, of young and old. A single cake of Cuticura Soap and box of Cuticura Ointment are often sufficient. Cuticura Soap and Cuticura Ointment are sold by chemists throughout the world. A liberal sample of each, with 32-page book on the skin and scalp, post-free from R. Towns & Co., Dept. 4K, Sydney, N.S.W.

which has given trouble to the users of mowers, is now made of hickory, is longer, and drives straight, the pitman rod being secured to the knife-head and balance wheel by a ball and socket joint, with patent lubricators for grease instead of oil. The mower is also fitted with patent springs, which are so adjusted to the pole that they take the weight of the horses' necks when the machine is working. A foot-lever is also fitted to the machine to clear the cutter bar of all obstructions. The "Walter A. Wood" all-steel horse rake shows it a credit to the firm. It is very strongly built, is a strong, effective rake with new principle to tipping, and a special improved lift. The exhibit is well worthy of inspection by farmers. The "Sandow" Woodpress and the "Pages" wire strainer are also included in this exhibit.

GENERAL.

On the bowling green on Monday R. Morison beat W. Ryan by 17 to 16 in the first game of the O.M. Curtis' trophy competition.

After the wrestling competition on Monday evening Mr. P. Sanford, who acted as manager and referee, and who has always taken a keen interest in wrestling in Stratford, was presented by the contestants, Messrs. Robertson and Penny, with a very fine antique silver tea service in recognition of his services. A belt is to be presented to Robertson by his Stratford admirers, and on the night of the presentation he will be prepared to wrestle any challenger, the funds to go to the Stratford hospital.

Mrs. Chenchen has returned from a very enjoyable holiday spent in Christchurch.

Mrs. John Mackay has returned to Stratford from a holiday spent along the Main Trunk railway and extending over six weeks.

Miss Selwyn, of Nelson, spent the week-end with Mrs. L. F. Laurence, at Brecon road.

Miss O'Brien, matron at the Stratford public hospital, leaves shortly on a well-earned holiday.

The agitation for a better railway service between Hawera and New Plymouth is having its effect. The goods train now running from Hawera to New Plymouth daily, and taking from 11.30 a.m. to about 4.15 p.m. to cover the 48 miles, is to be replaced by a passenger train, which will leave Hawera at a quarter to ten in the morning. The train will leave here at 12.55 p.m., and arrive at New Plymouth at 3 p.m. Thus we will be able to do our 20 mile trip to New Plymouth and return the same afternoon, the first train leaving New Plymouth at 4.30 p.m. The New Plymouth people should now work the authorities up to the necessity for improving the New Plymouth to Hawera service. At present the Stratford man to New Plymouth can only get away by the 7.40 a.m. train must return at 12.50 p.m. What about a train to leave New Plymouth at about 11 a.m.?

There's to be a field day at the Polo Court next Tuesday, and most of the cases come from the district described at "out east."

THE
CHOICEST XMAS GIFT
IS UNDOUBTEDLY A
PHOTOGRAPH.
MAKE the long-standing promise good,
and be photographed now at
McALLISTER'S STUDIO
BROADWAY, STRATFORD.
LADIES' "ALBANY" SHOES For Show Days
THESE are in art canvas, delectable goods, trim and shapely, and easy wearing. In brown, sand blue, greens, champagne and white.
LEWIS'S PRICE,
8/11
The men's department is replete with everything for comfortable walking. Here are our
MEN'S SMART WALKING BOOTS
15/6 to 30/-
In glace kid or box calf, several styles, but all best quality.
Five per cent. cash discount on purchases of over £1.
LEWIS'S
BOOT AND SHOE WAREHOUSE STRATFORD.
J. B. RICHARDS
(Recently with Mr. Newton King.)
LAND AND ESTATE AGENT, STRATFORD.
A full knowledge of land values and qualities of land in Taranaki are at the disposal of investors.
Special facilities for land seekers going north.
Robert Spence.] [J. R. L. Stanford.
SPENCE & STANFORD
BARRISTERS AND SOLICITORS, STRATFORD.
Offices: The Bridge Buildings, Broadway.
At Inglewood Every Wednesday.
MONEY TO LAND.
STRATFORD SHOW.
HOT Luncheon on arrival of North and South Trains both Show Days at Brown's, opposite South Railway Gate, Municipal Buildings, Stratford.
HOT TEA — Ready from 4.30 both Show Days. Brown's, Broadway, Municipal Buildings. Opposite South Railway Gates.
